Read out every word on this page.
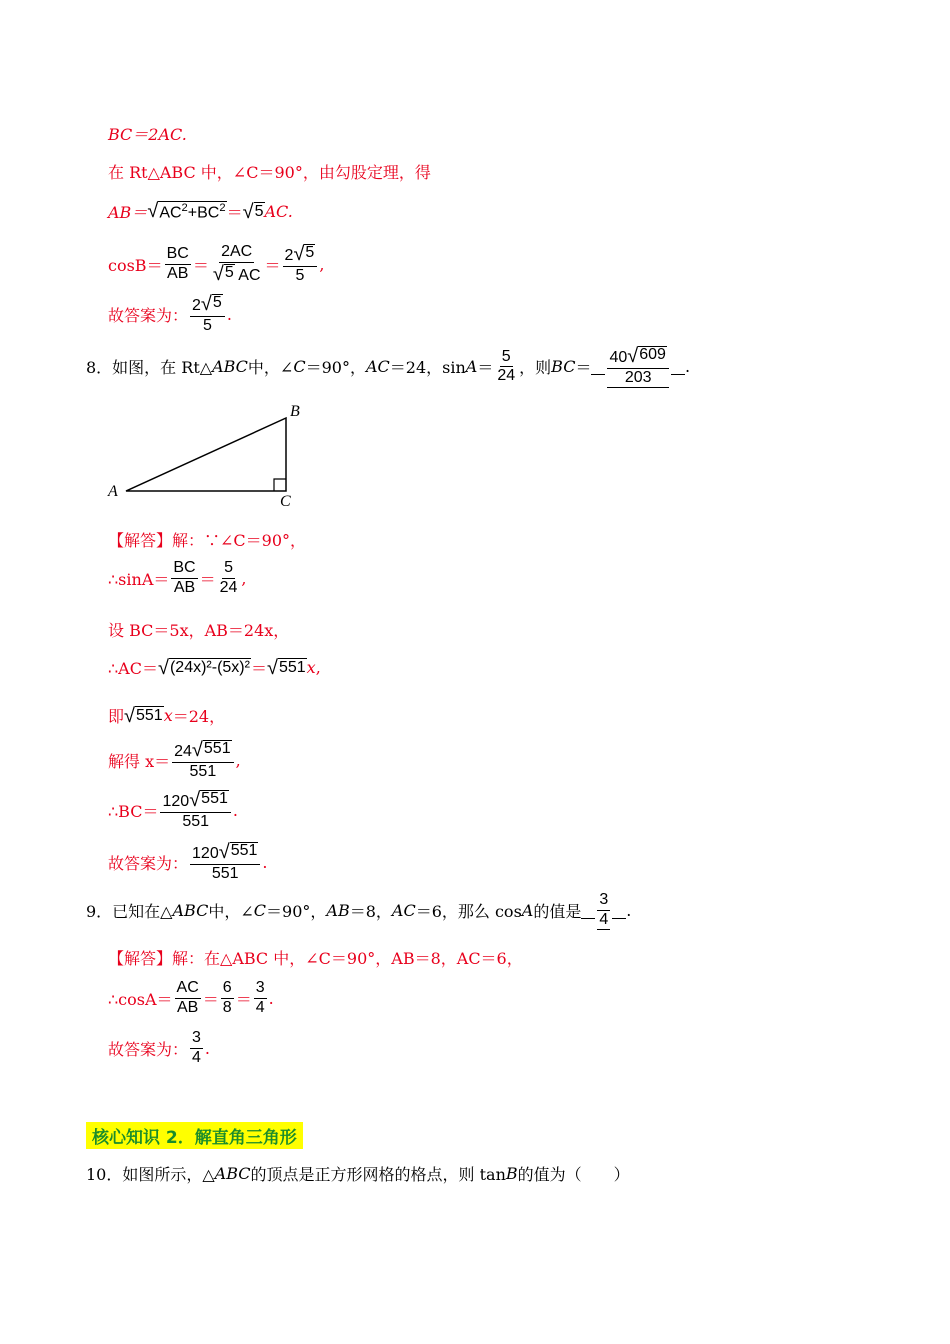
BC＝2AC.
在 Rt△ABC 中，∠C＝90°，由勾股定理，得
AB＝ √ $AC^2+BC^2$ ＝ √ 5 AC.
$\cos B= \frac{BC}{AB} = \frac{2AC}{√ 5 AC} = \frac{2 √ 5}{5}$ ,
故答案为： $\frac{2 √ 5}{5}$ .
8．如图，在 Rt△ ABC 中，∠ C ＝90°， AC ＝24，$\sin A = \frac{5}{24}$ ，则 BC ＝ $\frac{40 √ 609}{203}$ .
A
B
C
【解答】 解：∵∠C＝90°，
∴sinA＝ $\frac{BC}{AB} = \frac{5}{24}$ ,
设 BC＝5x，AB＝24x，
∴AC＝ √ (24x)²-(5x)² ＝ √ 551 x ,
即 √ 551 x ＝24，
解得 $x= \frac{24 √ 551}{551}$ ,
∴BC＝ $\frac{120 √ 551}{551}$ .
故答案为： $\frac{120 √ 551}{551}$ .
9．已知在△ ABC 中，∠ C ＝90°， AB ＝8， AC ＝6，那么 cos A 的值是 $\frac{3}{4}$ .
【解答】 解：在△ABC 中，∠C＝90°，AB＝8，AC＝6，
∴cosA＝ $\frac{AC}{AB} = \frac{6}{8} = \frac{3}{4}$ .
故答案为： $\frac{3}{4}$ .
核心知识 2．解直角三角形
10．如图所示，△ ABC 的顶点是正方形网格的格点，则 tan B 的值为（　　）
